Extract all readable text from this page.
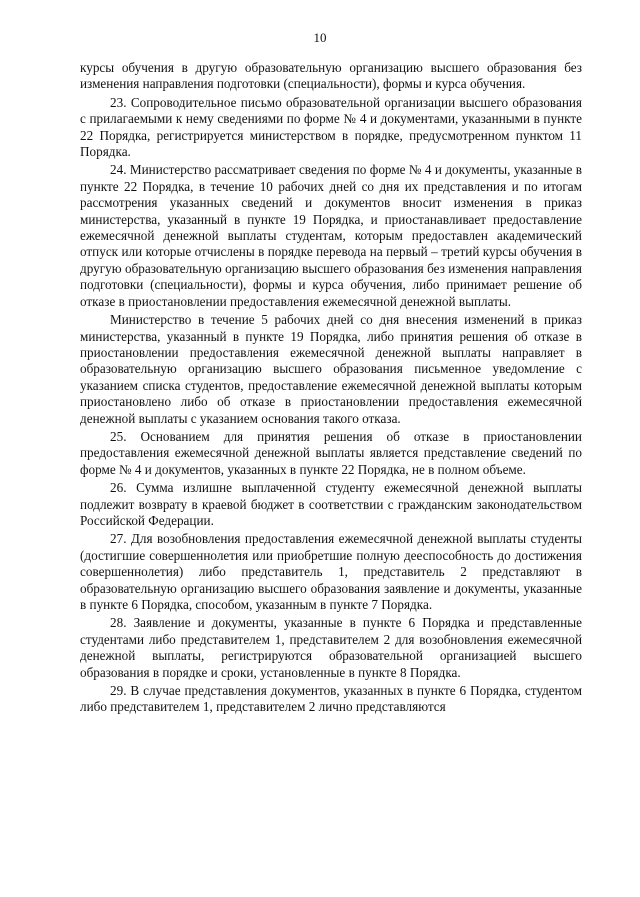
10

курсы обучения в другую образовательную организацию высшего образования без изменения направления подготовки (специальности), формы и курса обучения.

23. Сопроводительное письмо образовательной организации высшего образования с прилагаемыми к нему сведениями по форме № 4 и документами, указанными в пункте 22 Порядка, регистрируется министерством в порядке, предусмотренном пунктом 11 Порядка.

24. Министерство рассматривает сведения по форме № 4 и документы, указанные в пункте 22 Порядка, в течение 10 рабочих дней со дня их представления и по итогам рассмотрения указанных сведений и документов вносит изменения в приказ министерства, указанный в пункте 19 Порядка, и приостанавливает предоставление ежемесячной денежной выплаты студентам, которым предоставлен академический отпуск или которые отчислены в порядке перевода на первый – третий курсы обучения в другую образовательную организацию высшего образования без изменения направления подготовки (специальности), формы и курса обучения, либо принимает решение об отказе в приостановлении предоставления ежемесячной денежной выплаты.

Министерство в течение 5 рабочих дней со дня внесения изменений в приказ министерства, указанный в пункте 19 Порядка, либо принятия решения об отказе в приостановлении предоставления ежемесячной денежной выплаты направляет в образовательную организацию высшего образования письменное уведомление с указанием списка студентов, предоставление ежемесячной денежной выплаты которым приостановлено либо об отказе в приостановлении предоставления ежемесячной денежной выплаты с указанием основания такого отказа.

25. Основанием для принятия решения об отказе в приостановлении предоставления ежемесячной денежной выплаты является представление сведений по форме № 4 и документов, указанных в пункте 22 Порядка, не в полном объеме.

26. Сумма излишне выплаченной студенту ежемесячной денежной выплаты подлежит возврату в краевой бюджет в соответствии с гражданским законодательством Российской Федерации.

27. Для возобновления предоставления ежемесячной денежной выплаты студенты (достигшие совершеннолетия или приобретшие полную дееспособность до достижения совершеннолетия) либо представитель 1, представитель 2 представляют в образовательную организацию высшего образования заявление и документы, указанные в пункте 6 Порядка, способом, указанным в пункте 7 Порядка.

28. Заявление и документы, указанные в пункте 6 Порядка и представленные студентами либо представителем 1, представителем 2 для возобновления ежемесячной денежной выплаты, регистрируются образовательной организацией высшего образования в порядке и сроки, установленные в пункте 8 Порядка.

29. В случае представления документов, указанных в пункте 6 Порядка, студентом либо представителем 1, представителем 2 лично представляются
